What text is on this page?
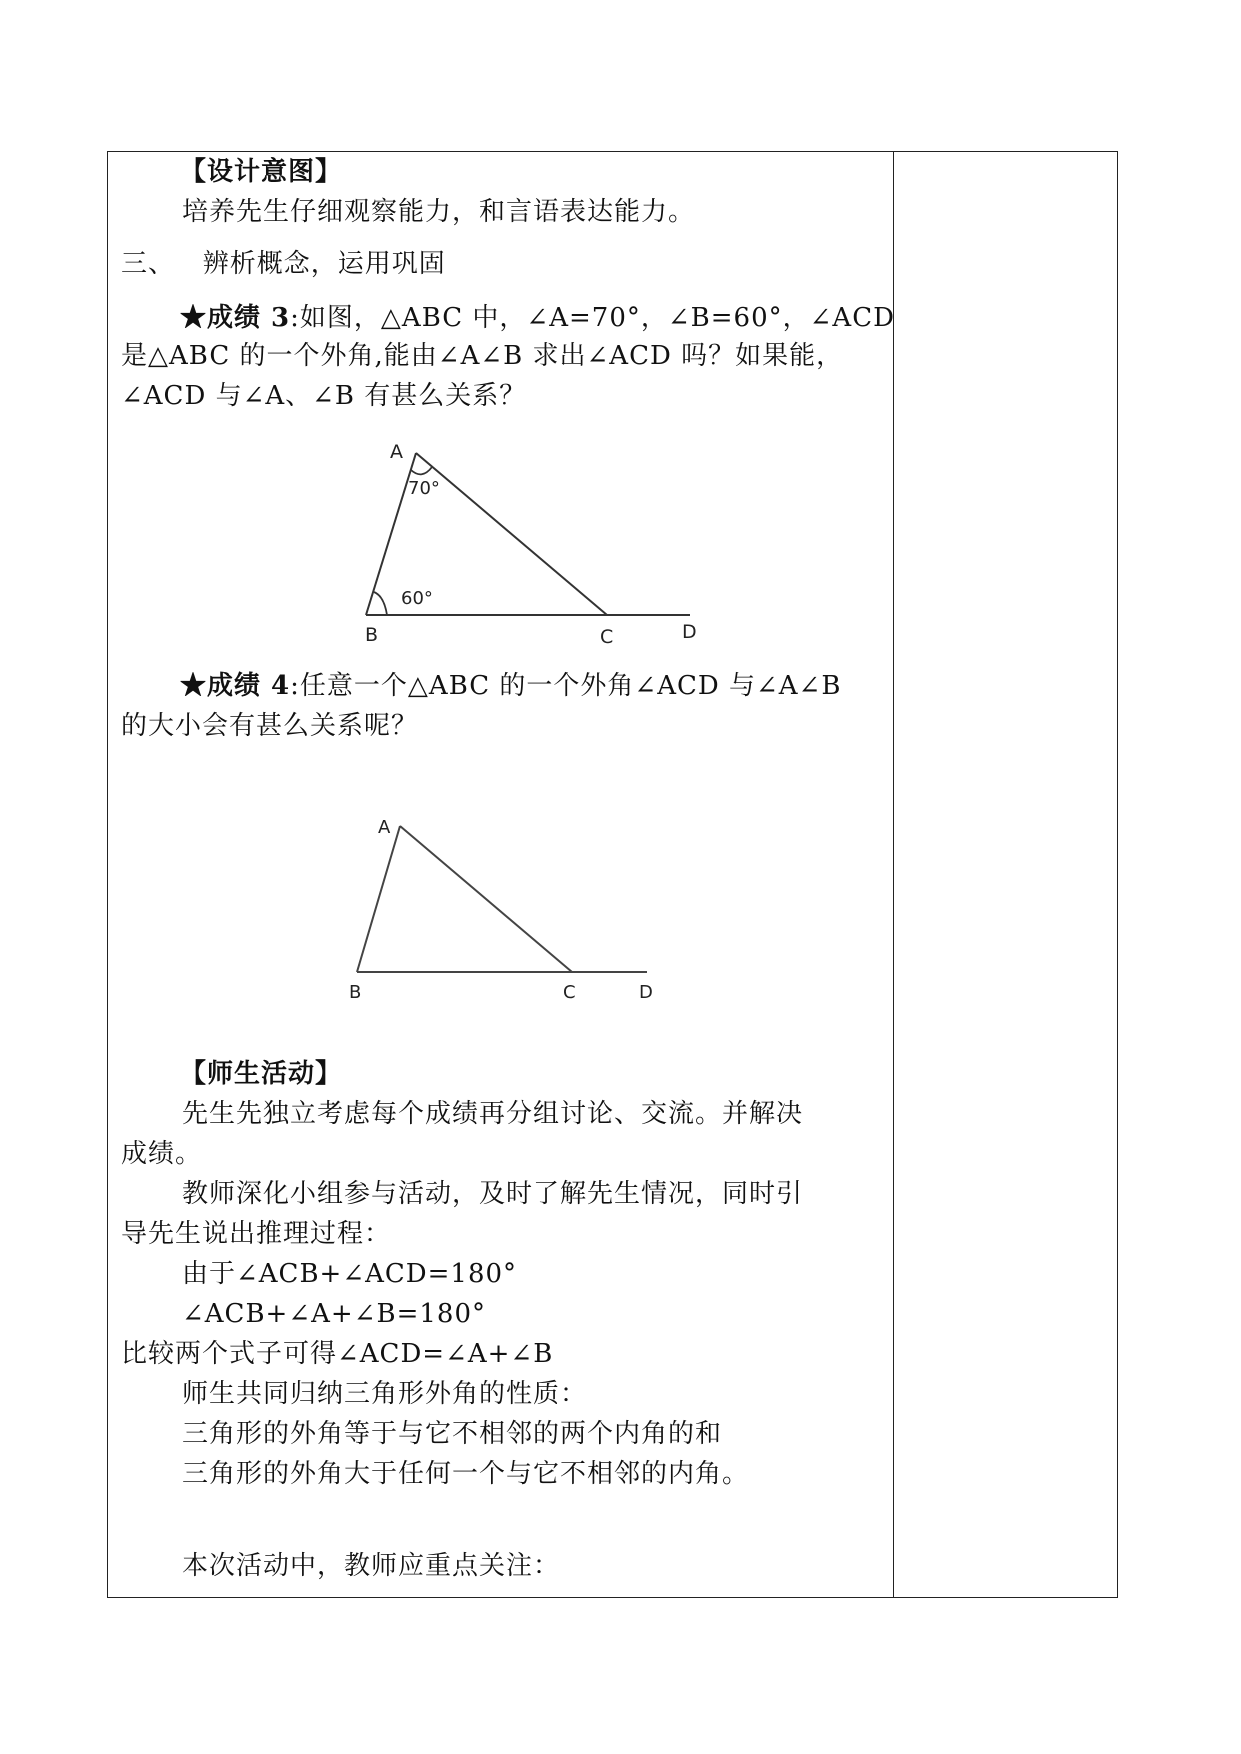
【设计意图】
培养先生仔细观察能力，和言语表达能力。
三、   辨析概念，运用巩固
★成绩 3:如图，△ABC 中，∠A=70°，∠B=60°，∠ACD
是△ABC 的一个外角,能由∠A∠B 求出∠ACD 吗？如果能，
∠ACD 与∠A、∠B 有甚么关系？
A
70°
60°
B	C	D
★成绩 4:任意一个△ABC 的一个外角∠ACD 与∠A∠B
的大小会有甚么关系呢？
A
B	C	D
【师生活动】
先生先独立考虑每个成绩再分组讨论、交流。并解决
成绩。
教师深化小组参与活动，及时了解先生情况，同时引
导先生说出推理过程：
由于∠ACB+∠ACD=180°
∠ACB+∠A+∠B=180°
比较两个式子可得∠ACD=∠A+∠B
师生共同归纳三角形外角的性质：
三角形的外角等于与它不相邻的两个内角的和
三角形的外角大于任何一个与它不相邻的内角。
本次活动中，教师应重点关注：
